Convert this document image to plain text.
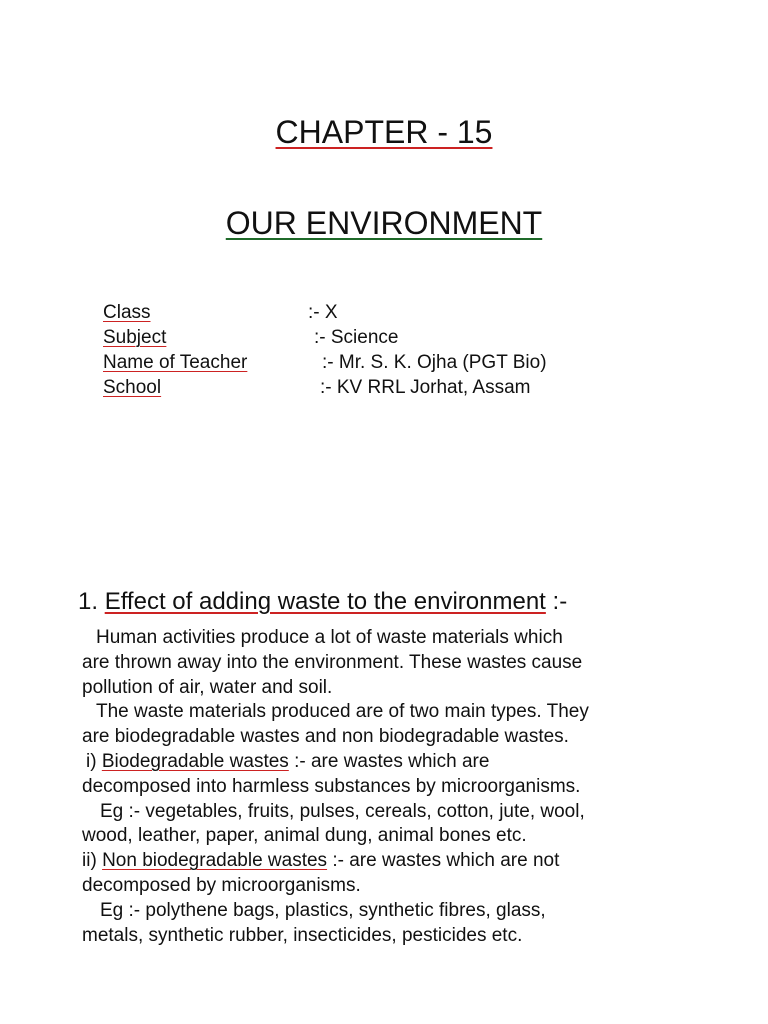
CHAPTER - 15
OUR ENVIRONMENT
Class	:- X
Subject	:- Science
Name of Teacher	:- Mr. S. K. Ojha (PGT Bio)
School	:- KV RRL Jorhat, Assam
1. Effect of adding waste to the environment :-
Human activities produce a lot of waste materials which
are thrown away into the environment. These wastes cause
pollution of air, water and soil.
The waste materials produced are of two main types. They
are biodegradable wastes and non biodegradable wastes.
i) Biodegradable wastes :- are wastes which are
decomposed into harmless substances by microorganisms.
Eg :- vegetables, fruits, pulses, cereals, cotton, jute, wool,
wood, leather, paper, animal dung, animal bones etc.
ii) Non biodegradable wastes :- are wastes which are not
decomposed by microorganisms.
Eg :- polythene bags, plastics, synthetic fibres, glass,
metals, synthetic rubber, insecticides, pesticides etc.
